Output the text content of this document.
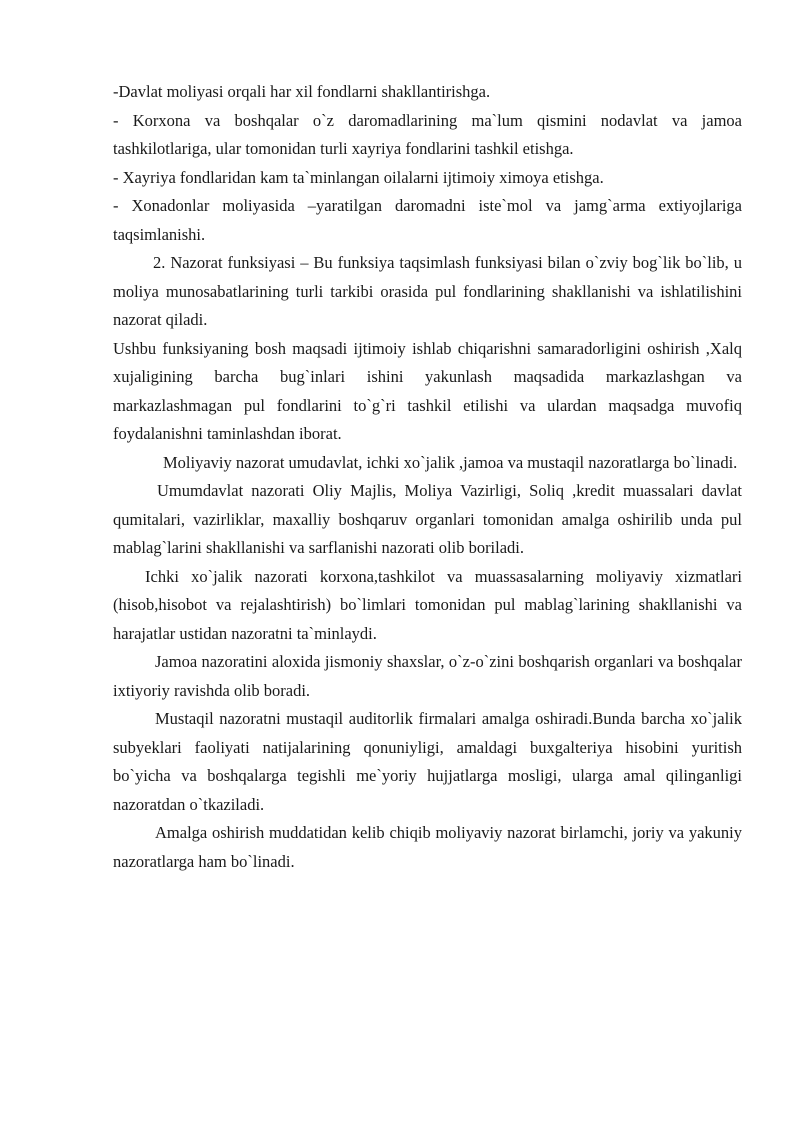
-Davlat moliyasi orqali har xil fondlarni shakllantirishga.

- Korxona va boshqalar o`z daromadlarining ma`lum qismini nodavlat va jamoa tashkilotlariga, ular tomonidan turli xayriya fondlarini tashkil etishga.

- Xayriya fondlaridan kam ta`minlangan oilalarni ijtimoiy ximoya etishga.

- Xonadonlar moliyasida –yaratilgan daromadni iste`mol va jamg`arma extiyojlariga taqsimlanishi.

2. Nazorat funksiyasi – Bu funksiya taqsimlash funksiyasi bilan o`zviy bog`lik bo`lib, u moliya munosabatlarining turli tarkibi orasida pul fondlarining shakllanishi va ishlatilishini nazorat qiladi.

Ushbu funksiyaning bosh maqsadi ijtimoiy ishlab chiqarishni samaradorligini oshirish ,Xalq xujaligining barcha bug`inlari ishini yakunlash maqsadida markazlashgan va markazlashmagan pul fondlarini to`g`ri tashkil etilishi va ulardan maqsadga muvofiq foydalanishni taminlashdan iborat.

Moliyaviy nazorat umudavlat, ichki xo`jalik ,jamoa va mustaqil nazoratlarga bo`linadi.

Umumdavlat nazorati Oliy Majlis, Moliya Vazirligi, Soliq ,kredit muassalari davlat qumitalari, vazirliklar, maxalliy boshqaruv organlari tomonidan amalga oshirilib unda pul mablag`larini shakllanishi va sarflanishi nazorati olib boriladi.

Ichki xo`jalik nazorati korxona,tashkilot va muassasalarning moliyaviy xizmatlari (hisob,hisobot va rejalashtirish) bo`limlari tomonidan pul mablag`larining shakllanishi va harajatlar ustidan nazoratni ta`minlaydi.

Jamoa nazoratini aloxida jismoniy shaxslar, o`z-o`zini boshqarish organlari va boshqalar ixtiyoriy ravishda olib boradi.

Mustaqil nazoratni mustaqil auditorlik firmalari amalga oshiradi.Bunda barcha xo`jalik subyeklari faoliyati natijalarining qonuniyligi, amaldagi buxgalteriya hisobini yuritish bo`yicha va boshqalarga tegishli me`yoriy hujjatlarga mosligi, ularga amal qilinganligi nazoratdan o`tkaziladi.

Amalga oshirish muddatidan kelib chiqib moliyaviy nazorat birlamchi, joriy va yakuniy nazoratlarga ham bo`linadi.
